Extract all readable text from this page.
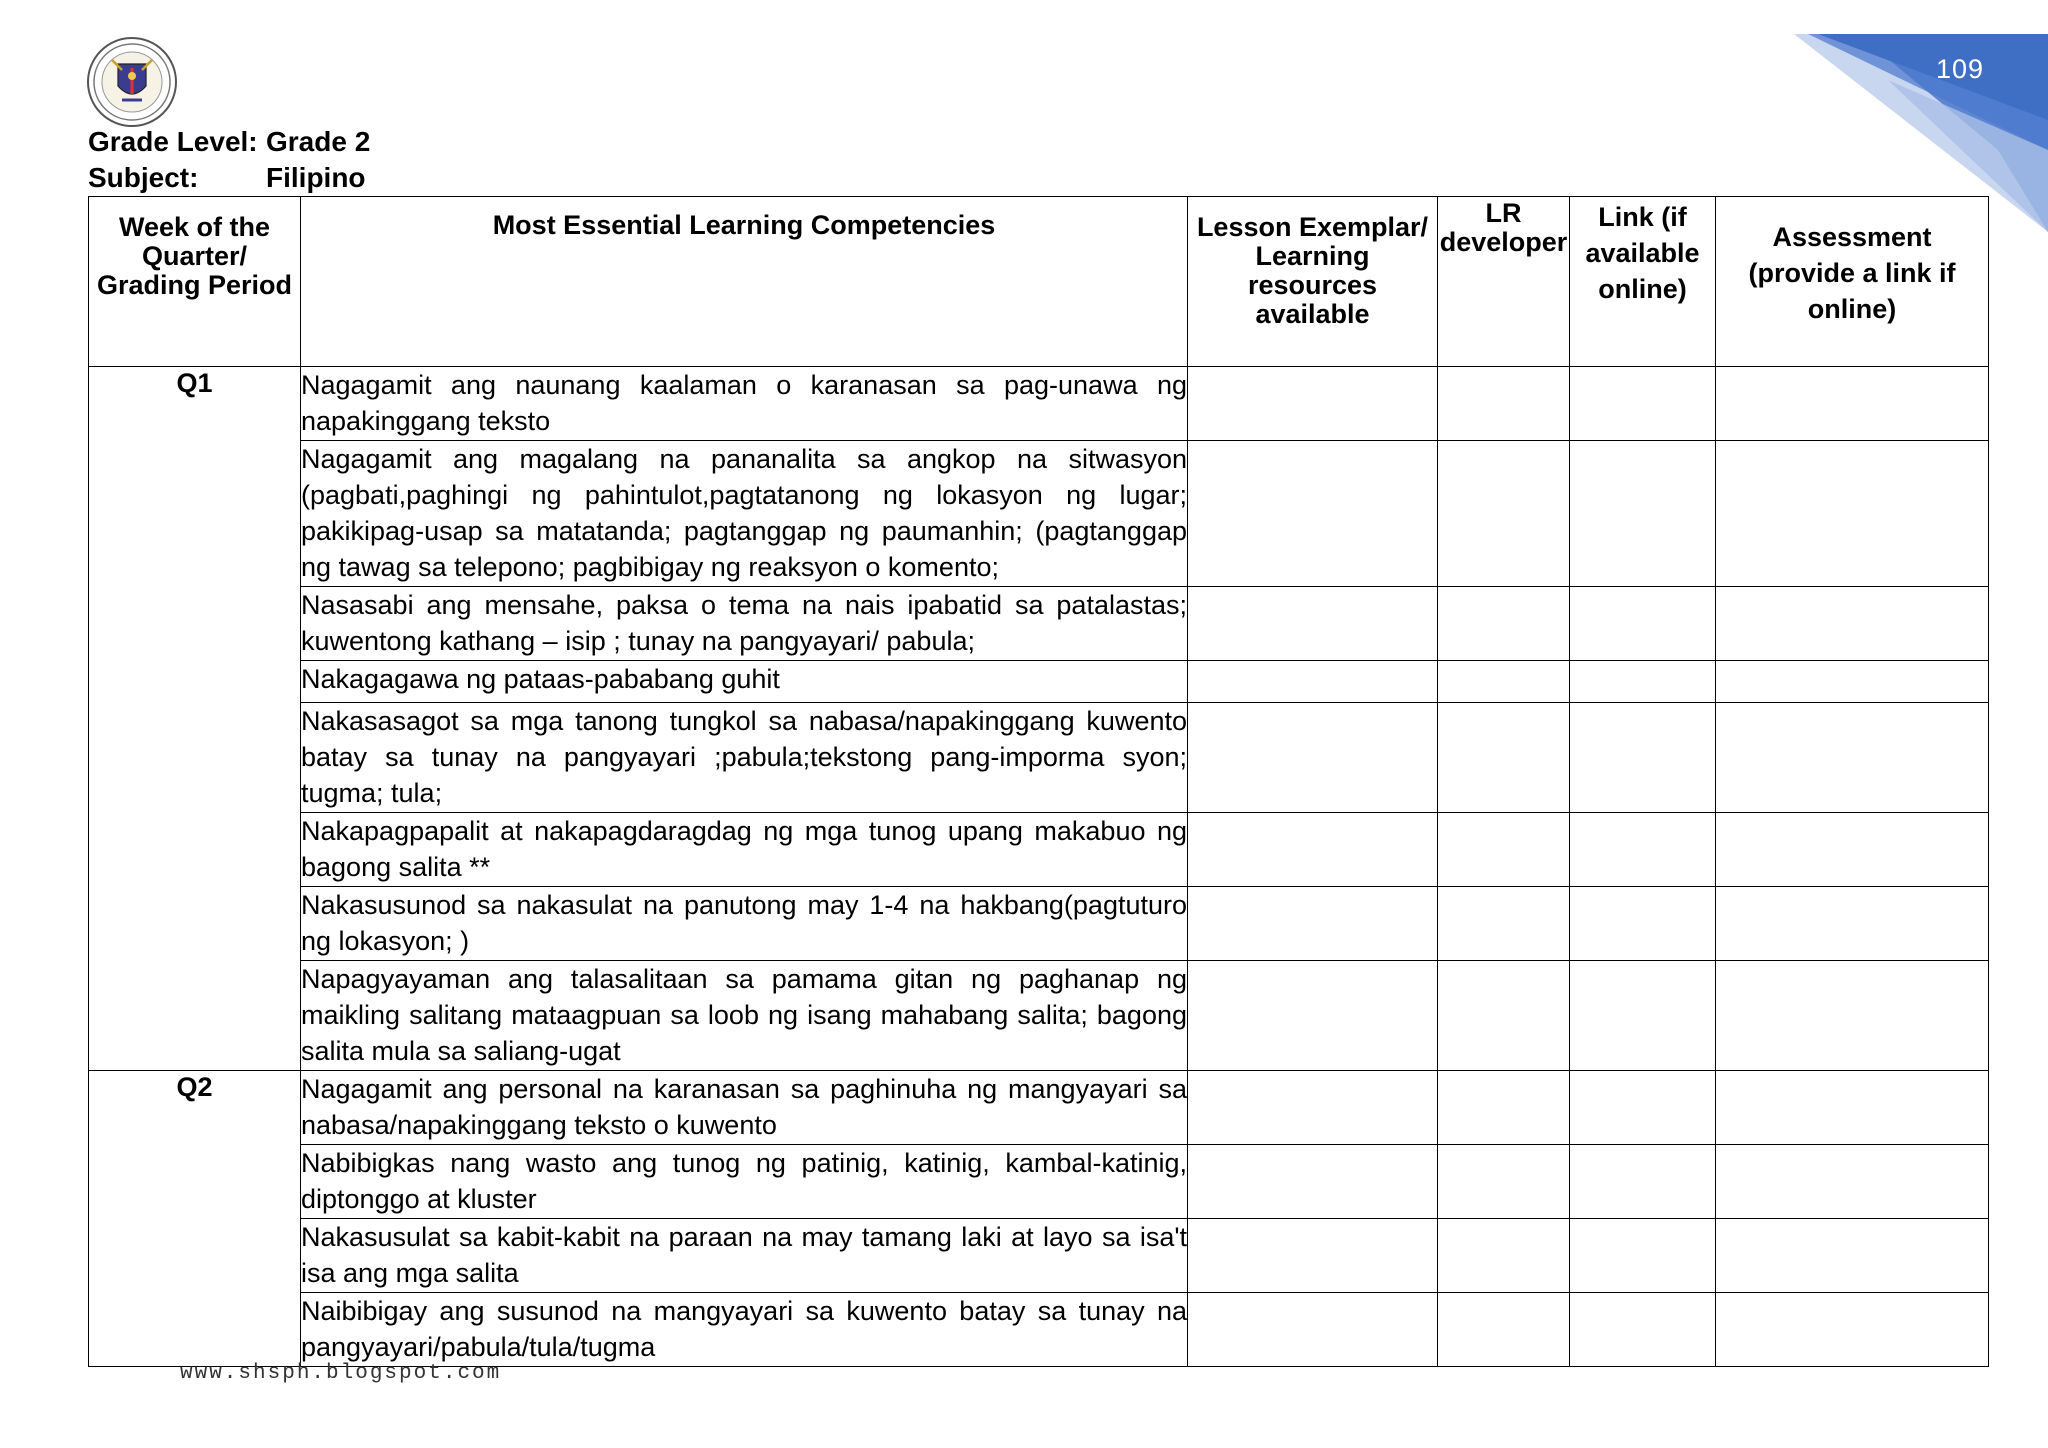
109
Grade Level: Grade 2
Subject:	Filipino
Week of the Quarter/ Grading Period	Most Essential Learning Competencies	Lesson Exemplar/ Learning resources available	LR developer	Link (if available online)	Assessment (provide a link if online)

Q1	Nagagamit ang naunang kaalaman o karanasan sa pag-unawa ng napakinggang teksto				
	Nagagamit ang magalang na pananalita sa angkop na sitwasyon (pagbati,paghingi ng pahintulot,pagtatanong ng lokasyon ng lugar; pakikipag-usap sa matatanda; pagtanggap ng paumanhin; (pagtanggap ng tawag sa telepono; pagbibigay ng reaksyon o komento;				
	Nasasabi ang mensahe, paksa o tema na nais ipabatid sa patalastas; kuwentong kathang – isip ; tunay na pangyayari/ pabula;				
	Nakagagawa ng pataas-pababang guhit				
	Nakasasagot sa mga tanong tungkol sa nabasa/napakinggang kuwento batay sa tunay na pangyayari ;pabula;tekstong pang-imporma syon; tugma; tula;				
	Nakapagpapalit at nakapagdaragdag ng mga tunog upang makabuo ng bagong salita **				
	Nakasusunod sa nakasulat na panutong may 1-4 na hakbang(pagtuturo ng lokasyon; )				
	Napagyayaman ang talasalitaan sa pamama gitan ng paghanap ng maikling salitang mataagpuan sa loob ng isang mahabang salita; bagong salita mula sa saliang-ugat				
Q2	Nagagamit ang personal na karanasan sa paghinuha ng mangyayari sa nabasa/napakinggang teksto o kuwento				
	Nabibigkas nang wasto ang tunog ng patinig, katinig, kambal-katinig, diptonggo at kluster				
	Nakasusulat sa kabit-kabit na paraan na may tamang laki at layo sa isa't isa ang mga salita				
	Naibibigay ang susunod na mangyayari sa kuwento batay sa tunay na pangyayari/pabula/tula/tugma				
www.shsph.blogspot.com
